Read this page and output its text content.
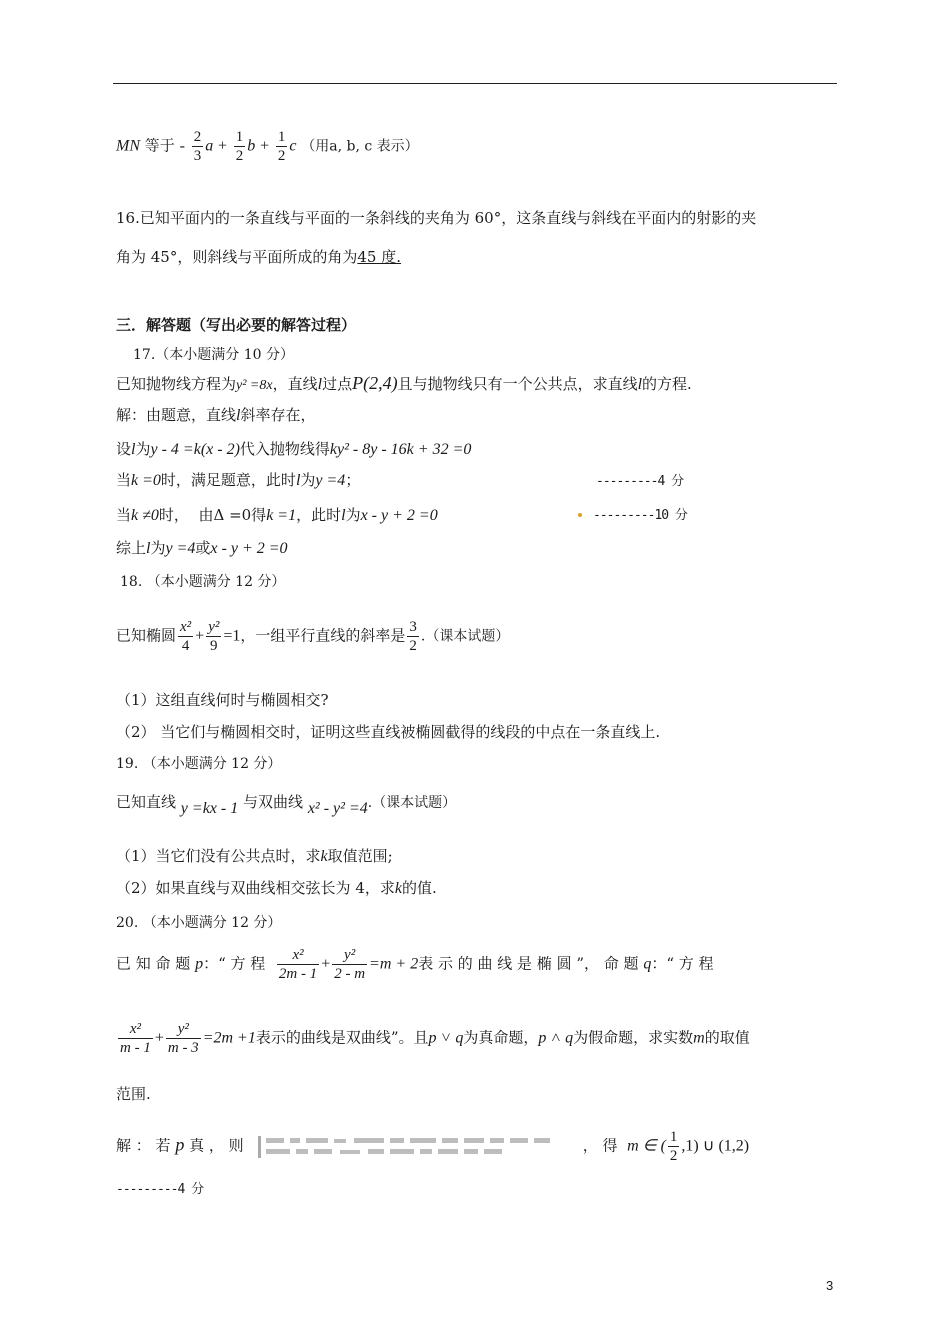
MN 等于 - $\frac{2}{3}$ $a + \frac{1}{2}$ $b + \frac{1}{2}$ c （用a, b, c 表示）
16.已知平面内的一条直线与平面的一条斜线的夹角为 60°，这条直线与斜线在平面内的射影的夹
角为 45°，则斜线与平面所成的角为45 度.
三．解答题（写出必要的解答过程）
17.（本小题满分 10 分）
已知抛物线方程为y² =8x，直线l过点P(2,4)且与抛物线只有一个公共点，求直线l的方程.
解：由题意，直线l斜率存在，
设l为y - 4 =k(x - 2)代入抛物线得ky² - 8y - 16k + 32 =0
当k =0时，满足题意，此时l为y =4；	---------4 分
当k ≠0时， 由Δ =0得k =1，此时l为x - y + 2 =0	---------10 分
综上l为y =4或x - y + 2 =0
18. （本小题满分 12 分）
已知椭圆 $\frac{\text{x²}}{4} + \frac{\text{y²}}{9} =1$，一组平行直线的斜率是 $\frac{3}{2}$ .（课本试题）
（1）这组直线何时与椭圆相交?
（2） 当它们与椭圆相交时，证明这些直线被椭圆截得的线段的中点在一条直线上.
19. （本小题满分 12 分）
已知直线 y =kx - 1 与双曲线 x² - y² =4.（课本试题）
（1）当它们没有公共点时，求k取值范围;
（2）如果直线与双曲线相交弦长为 4，求k的值.
20. （本小题满分 12 分）
已 知 命 题 p：“ 方 程 $\frac{\text{x²}}{2m - 1} + \frac{\text{y²}}{2 - m} =m + 2$表 示 的 曲 线 是 椭 圆 ”， 命 题 q：“ 方 程
$\frac{\text{x²}}{m - 1} + \frac{\text{y²}}{m - 3} =2m +1$表示的曲线是双曲线”。且p ˅ q为真命题，p ˄ q为假命题，求实数m的取值
范围.
解 ： 若 p 真 ， 则	， 得 m ∈ ( $\frac{1}{2} ,1$) ∪ (1,2)
---------4 分
3
